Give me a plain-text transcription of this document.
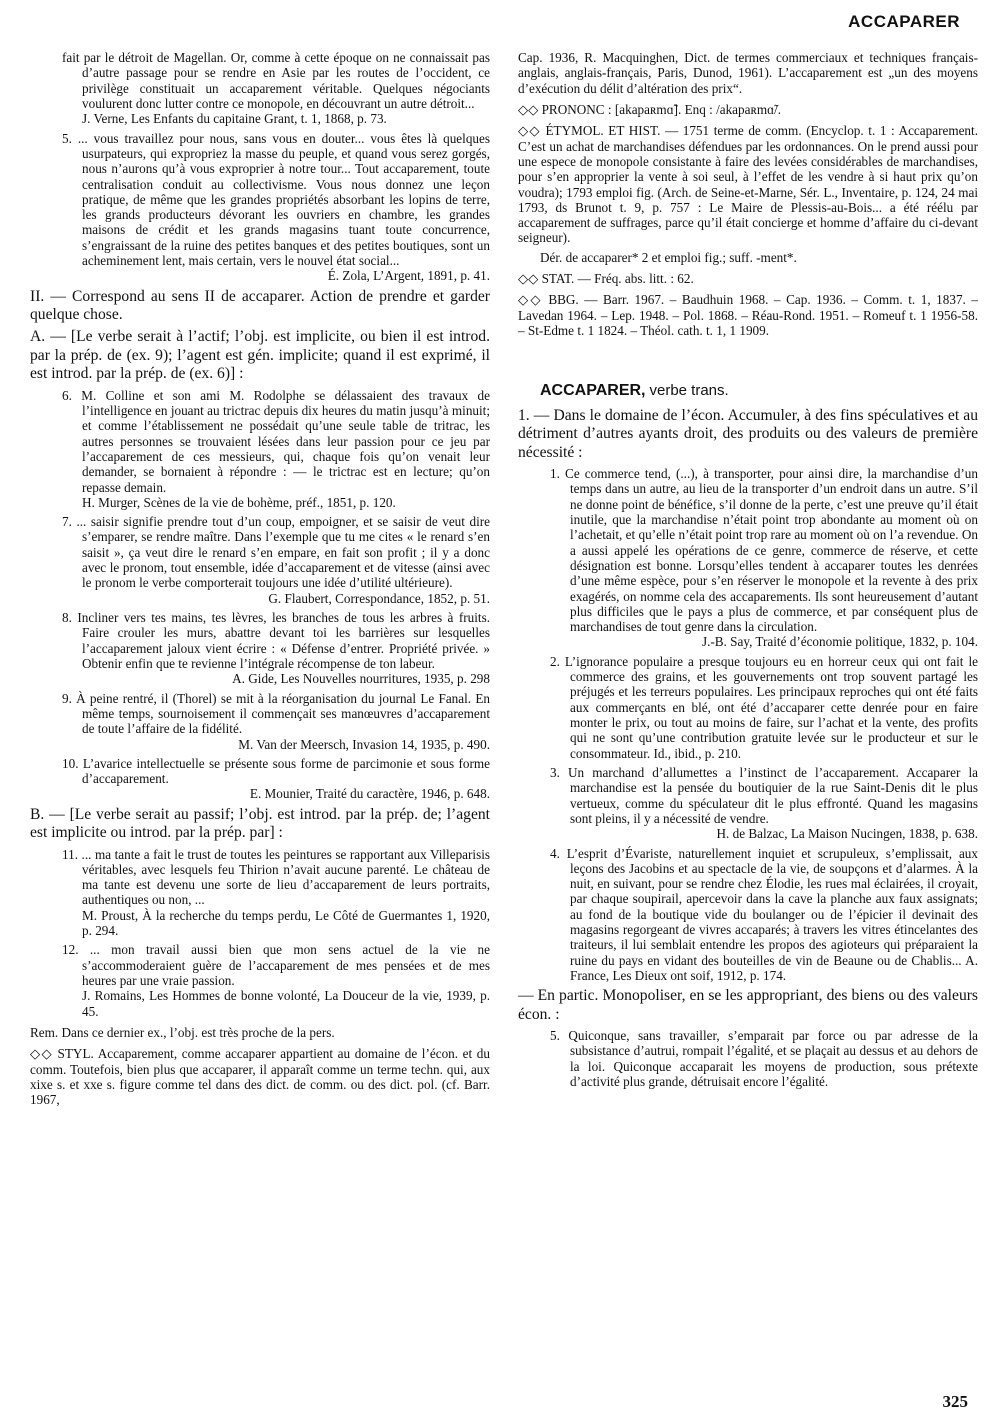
ACCAPARER
fait par le détroit de Magellan. Or, comme à cette époque on ne connaissait pas d’autre passage pour se rendre en Asie par les routes de l’occident, ce privilège constituait un accaparement véritable. Quelques négociants voulurent donc lutter contre ce monopole, en découvrant un autre détroit...
J. Verne, Les Enfants du capitaine Grant, t. 1, 1868, p. 73.
5. ... vous travaillez pour nous, sans vous en douter... vous êtes là quelques usurpateurs, qui expropriez la masse du peuple, et quand vous serez gorgés, nous n’aurons qu’à vous exproprier à notre tour... Tout accaparement, toute centralisation conduit au collectivisme. Vous nous donnez une leçon pratique, de même que les grandes propriétés absorbant les lopins de terre, les grands producteurs dévorant les ouvriers en chambre, les grandes maisons de crédit et les grands magasins tuant toute concurrence, s’engraissant de la ruine des petites banques et des petites boutiques, sont un acheminement lent, mais certain, vers le nouvel état social...
É. Zola, L’Argent, 1891, p. 41.

II. — Correspond au sens II de accaparer. Action de prendre et garder quelque chose.

A. — [Le verbe serait à l’actif; l’obj. est implicite, ou bien il est introd. par la prép. de (ex. 9); l’agent est gén. implicite; quand il est exprimé, il est introd. par la prép. de (ex. 6)] :

6. M. Colline et son ami M. Rodolphe se délassaient des travaux de l’intelligence en jouant au trictrac depuis dix heures du matin jusqu’à minuit; et comme l’établissement ne possédait qu’une seule table de tritrac, les autres personnes se trouvaient lésées dans leur passion pour ce jeu par l’accaparement de ces messieurs, qui, chaque fois qu’on venait leur demander, se bornaient à répondre : — le trictrac est en lecture; qu’on repasse demain.
H. Murger, Scènes de la vie de bohème, préf., 1851, p. 120.
7. ... saisir signifie prendre tout d’un coup, empoigner, et se saisir de veut dire s’emparer, se rendre maître. Dans l’exemple que tu me cites « le renard s’en saisit », ça veut dire le renard s’en empare, en fait son profit ; il y a donc avec le pronom, tout ensemble, idée d’accaparement et de vitesse (ainsi avec le pronom le verbe comporterait toujours une idée d’utilité ultérieure).
G. Flaubert, Correspondance, 1852, p. 51.
8. Incliner vers tes mains, tes lèvres, les branches de tous les arbres à fruits. Faire crouler les murs, abattre devant toi les barrières sur lesquelles l’accaparement jaloux vient écrire : « Défense d’entrer. Propriété privée. » Obtenir enfin que te revienne l’intégrale récompense de ton labeur.
A. Gide, Les Nouvelles nourritures, 1935, p. 298
9. À peine rentré, il (Thorel) se mit à la réorganisation du journal Le Fanal. En même temps, sournoisement il commençait ses manœuvres d’accaparement de toute l’affaire de la fidélité.
M. Van der Meersch, Invasion 14, 1935, p. 490.
10. L’avarice intellectuelle se présente sous forme de parcimonie et sous forme d’accaparement.
E. Mounier, Traité du caractère, 1946, p. 648.

B. — [Le verbe serait au passif; l’obj. est introd. par la prép. de; l’agent est implicite ou introd. par la prép. par] :

11. ... ma tante a fait le trust de toutes les peintures se rapportant aux Villeparisis véritables, avec lesquels feu Thirion n’avait aucune parenté. Le château de ma tante est devenu une sorte de lieu d’accaparement de leurs portraits, authentiques ou non, ...
M. Proust, À la recherche du temps perdu, Le Côté de Guermantes 1, 1920, p. 294.
12. ... mon travail aussi bien que mon sens actuel de la vie ne s’accommoderaient guère de l’accaparement de mes pensées et de mes heures par une vraie passion.
J. Romains, Les Hommes de bonne volonté, La Douceur de la vie, 1939, p. 45.

Rem. Dans ce dernier ex., l’obj. est très proche de la pers.

◇◇ STYL. Accaparement, comme accaparer appartient au domaine de l’écon. et du comm. Toutefois, bien plus que accaparer, il apparaît comme un terme techn. qui, aux xixe s. et xxe s. figure comme tel dans des dict. de comm. ou des dict. pol. (cf. Barr. 1967,

Cap. 1936, R. Macquinghen, Dict. de termes commerciaux et techniques français-anglais, anglais-français, Paris, Dunod, 1961). L’accaparement est „un des moyens d’exécution du délit d’altération des prix“.

◇◇ PRONONC : [akapaʀmɑ̃]. Enq : /akapaʀmɑ̃/.

◇◇ ÉTYMOL. ET HIST. — 1751 terme de comm. (Encyclop. t. 1 : Accaparement. C’est un achat de marchandises défendues par les ordonnances. On le prend aussi pour une espece de monopole consistante à faire des levées considérables de marchandises, pour s’en approprier la vente à soi seul, à l’effet de les vendre à si haut prix qu’on voudra); 1793 emploi fig. (Arch. de Seine-et-Marne, Sér. L., Inventaire, p. 124, 24 mai 1793, ds Brunot t. 9, p. 757 : Le Maire de Plessis-au-Bois... a été réélu par accaparement de suffrages, parce qu’il était concierge et homme d’affaire du ci-devant seigneur).

Dér. de accaparer* 2 et emploi fig.; suff. -ment*.

◇◇ STAT. — Fréq. abs. litt. : 62.

◇◇ BBG. — Barr. 1967. – Baudhuin 1968. – Cap. 1936. – Comm. t. 1, 1837. – Lavedan 1964. – Lep. 1948. – Pol. 1868. – Réau-Rond. 1951. – Romeuf t. 1 1956-58. – St-Edme t. 1 1824. – Théol. cath. t. 1, 1 1909.

ACCAPARER, verbe trans.

1. — Dans le domaine de l’écon. Accumuler, à des fins spéculatives et au détriment d’autres ayants droit, des produits ou des valeurs de première nécessité :

1. Ce commerce tend, (...), à transporter, pour ainsi dire, la marchandise d’un temps dans un autre, au lieu de la transporter d’un endroit dans un autre. S’il ne donne point de bénéfice, s’il donne de la perte, c’est une preuve qu’il était inutile, que la marchandise n’était point trop abondante au moment où on l’achetait, et qu’elle n’était point trop rare au moment où on l’a revendue. On a aussi appelé les opérations de ce genre, commerce de réserve, et cette désignation est bonne. Lorsqu’elles tendent à accaparer toutes les denrées d’une même espèce, pour s’en réserver le monopole et la revente à des prix exagérés, on nomme cela des accaparements. Ils sont heureusement d’autant plus difficiles que le pays a plus de commerce, et par conséquent plus de marchandises de tout genre dans la circulation.
J.-B. Say, Traité d’économie politique, 1832, p. 104.
2. L’ignorance populaire a presque toujours eu en horreur ceux qui ont fait le commerce des grains, et les gouvernements ont trop souvent partagé les préjugés et les terreurs populaires. Les principaux reproches qui ont été faits aux commerçants en blé, ont été d’accaparer cette denrée pour en faire monter le prix, ou tout au moins de faire, sur l’achat et la vente, des profits qui ne sont qu’une contribution gratuite levée sur le producteur et sur le consommateur. Id., ibid., p. 210.
3. Un marchand d’allumettes a l’instinct de l’accaparement. Accaparer la marchandise est la pensée du boutiquier de la rue Saint-Denis dit le plus vertueux, comme du spéculateur dit le plus effronté. Quand les magasins sont pleins, il y a nécessité de vendre.
H. de Balzac, La Maison Nucingen, 1838, p. 638.
4. L’esprit d’Évariste, naturellement inquiet et scrupuleux, s’emplissait, aux leçons des Jacobins et au spectacle de la vie, de soupçons et d’alarmes. À la nuit, en suivant, pour se rendre chez Élodie, les rues mal éclairées, il croyait, par chaque soupirail, apercevoir dans la cave la planche aux faux assignats; au fond de la boutique vide du boulanger ou de l’épicier il devinait des magasins regorgeant de vivres accaparés; à travers les vitres étincelantes des traiteurs, il lui semblait entendre les propos des agioteurs qui préparaient la ruine du pays en vidant des bouteilles de vin de Beaune ou de Chablis... A. France, Les Dieux ont soif, 1912, p. 174.

— En partic. Monopoliser, en se les appropriant, des biens ou des valeurs écon. :

5. Quiconque, sans travailler, s’emparait par force ou par adresse de la subsistance d’autrui, rompait l’égalité, et se plaçait au dessus et au dehors de la loi. Quiconque accaparait les moyens de production, sous prétexte d’activité plus grande, détruisait encore l’égalité.
325
